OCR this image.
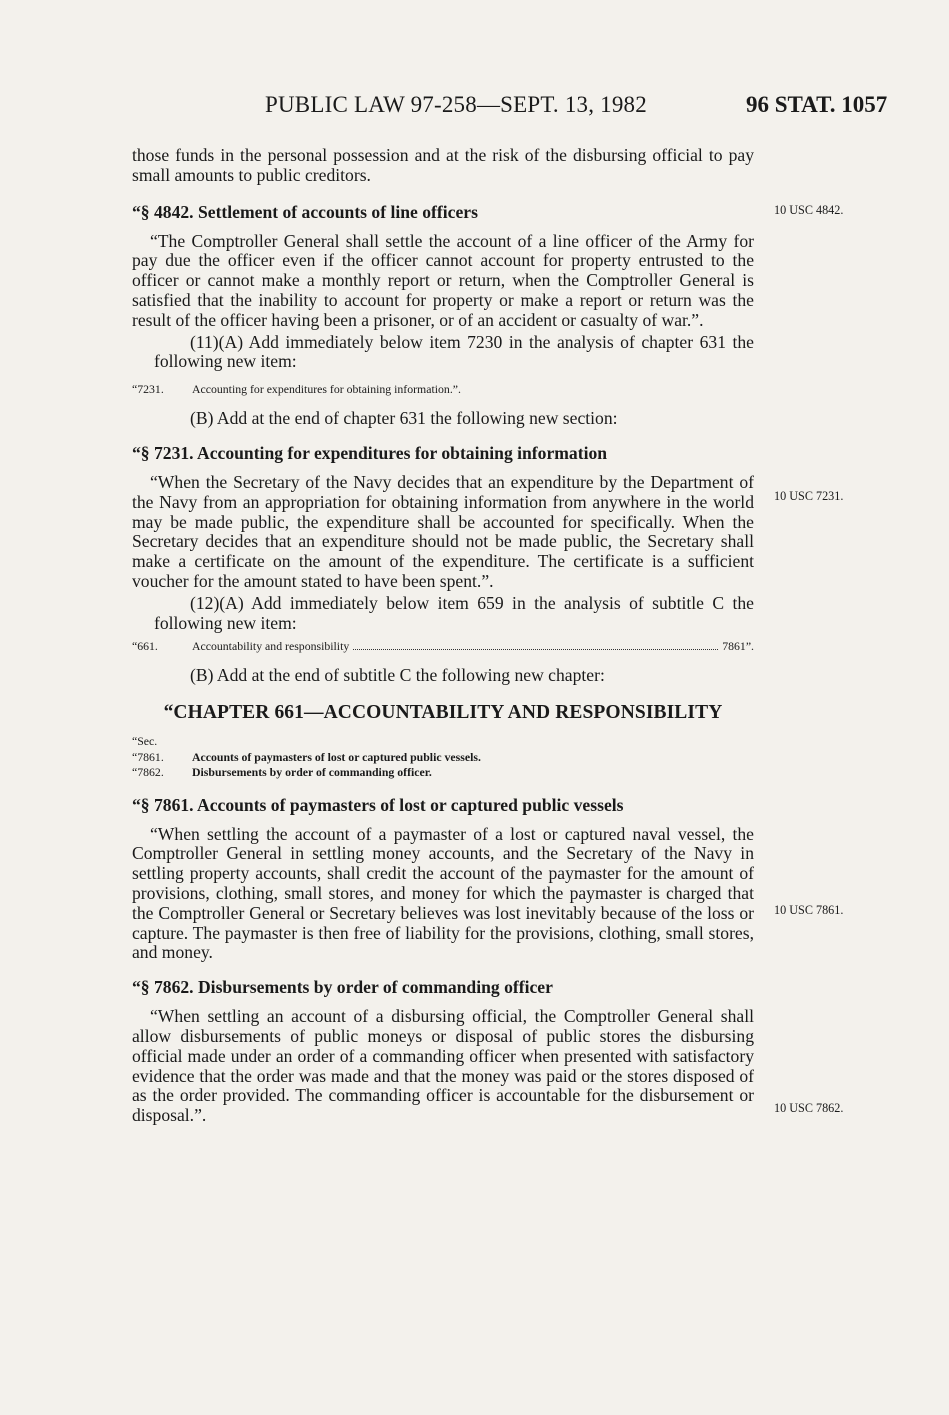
PUBLIC LAW 97-258—SEPT. 13, 1982	96 STAT. 1057

those funds in the personal possession and at the risk of the disbursing official to pay small amounts to public creditors.

“§ 4842. Settlement of accounts of line officers

“The Comptroller General shall settle the account of a line officer of the Army for pay due the officer even if the officer cannot account for property entrusted to the officer or cannot make a monthly report or return, when the Comptroller General is satisfied that the inability to account for property or make a report or return was the result of the officer having been a prisoner, or of an accident or casualty of war.”.

(11)(A) Add immediately below item 7230 in the analysis of chapter 631 the following new item:

“7231.	Accounting for expenditures for obtaining information.”.

(B) Add at the end of chapter 631 the following new section:

“§ 7231. Accounting for expenditures for obtaining information

“When the Secretary of the Navy decides that an expenditure by the Department of the Navy from an appropriation for obtaining information from anywhere in the world may be made public, the expenditure shall be accounted for specifically. When the Secretary decides that an expenditure should not be made public, the Secretary shall make a certificate on the amount of the expenditure. The certificate is a sufficient voucher for the amount stated to have been spent.”.

(12)(A) Add immediately below item 659 in the analysis of subtitle C the following new item:

“661.	Accountability and responsibility	7861”.

(B) Add at the end of subtitle C the following new chapter:

“CHAPTER 661—ACCOUNTABILITY AND RESPONSIBILITY
“Sec.
“7861.	Accounts of paymasters of lost or captured public vessels.
“7862.	Disbursements by order of commanding officer.
“§ 7861. Accounts of paymasters of lost or captured public vessels

“When settling the account of a paymaster of a lost or captured naval vessel, the Comptroller General in settling money accounts, and the Secretary of the Navy in settling property accounts, shall credit the account of the paymaster for the amount of provisions, clothing, small stores, and money for which the paymaster is charged that the Comptroller General or Secretary believes was lost inevitably because of the loss or capture. The paymaster is then free of liability for the provisions, clothing, small stores, and money.

“§ 7862. Disbursements by order of commanding officer

“When settling an account of a disbursing official, the Comptroller General shall allow disbursements of public moneys or disposal of public stores the disbursing official made under an order of a commanding officer when presented with satisfactory evidence that the order was made and that the money was paid or the stores disposed of as the order provided. The commanding officer is accountable for the disbursement or disposal.”.

10 USC 4842.
10 USC 7231.
10 USC 7861.
10 USC 7862.
